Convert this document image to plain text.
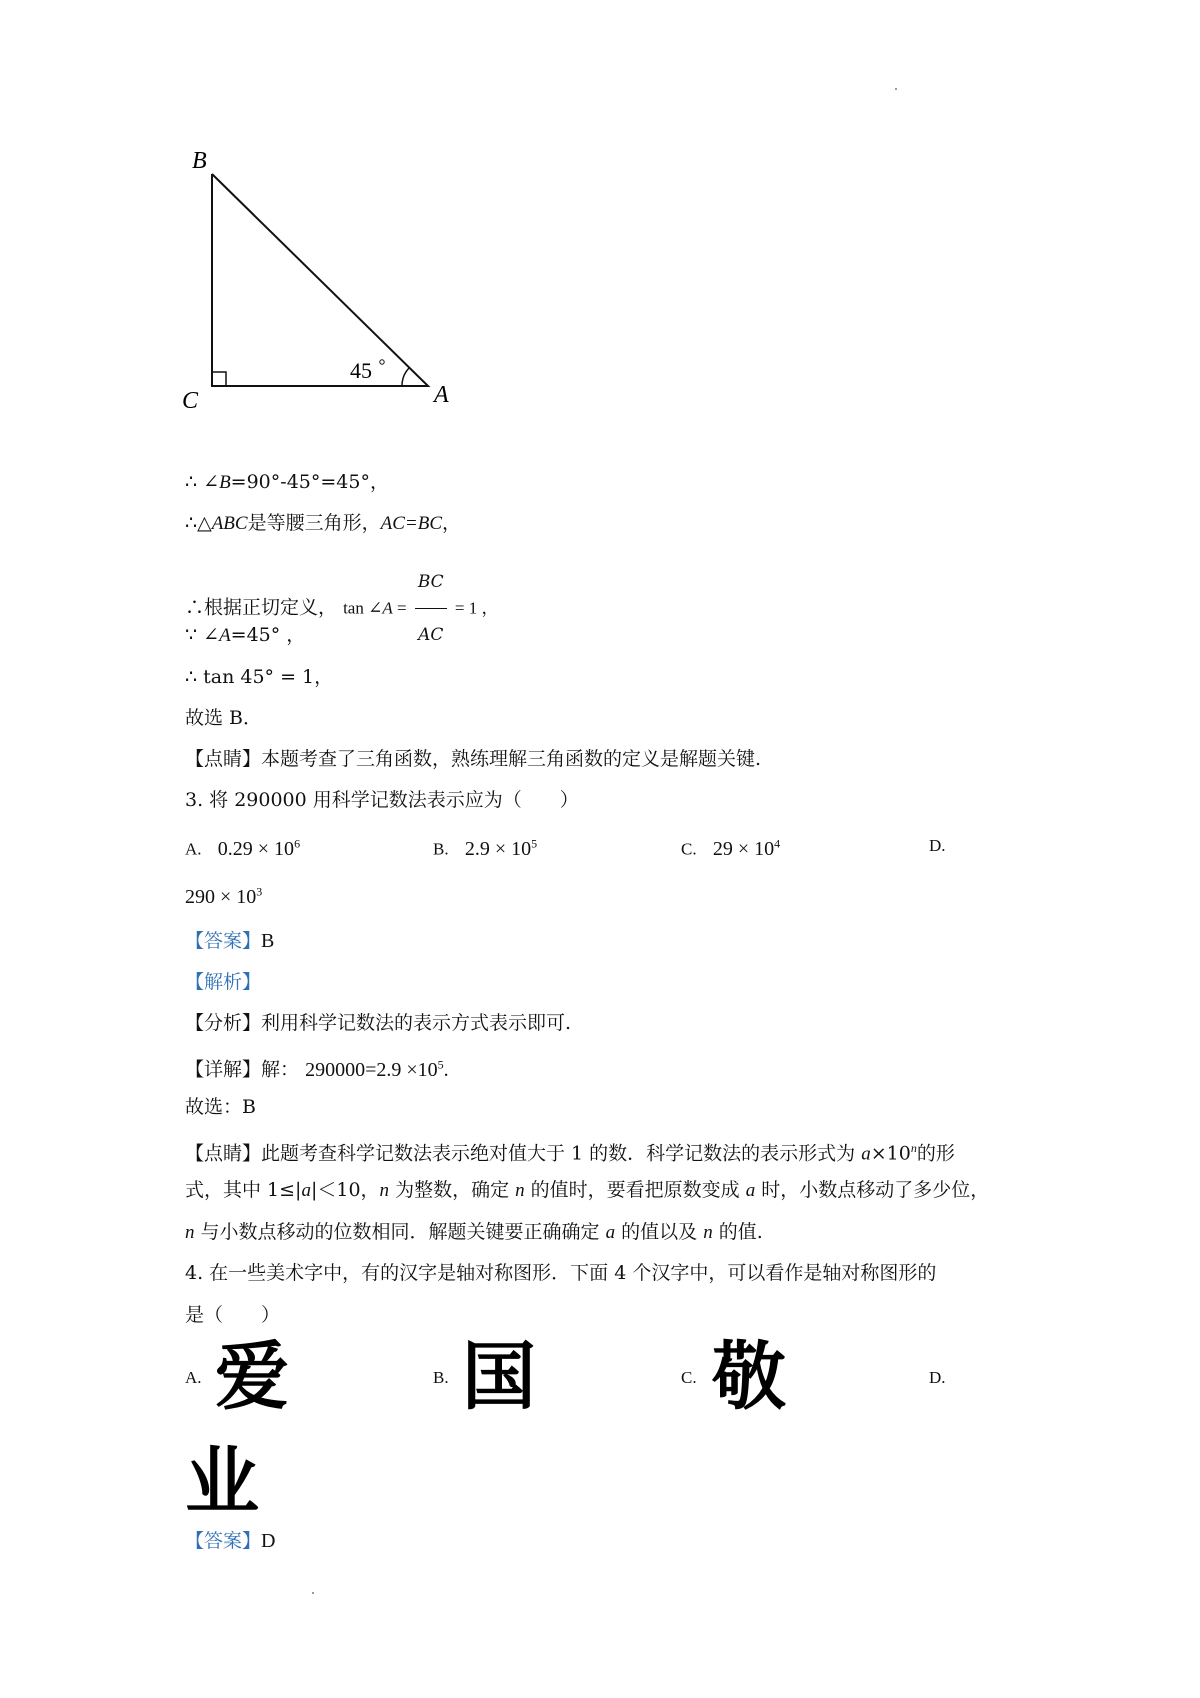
B
C	A
45
∴ ∠B=90°-45°=45°，
∴△ABC是等腰三角形，AC=BC，
∴根据正切定义， tan ∠A = $\frac{BC}{AC} = 1$ ，
∵ ∠A=45° ，
∴ tan 45° = 1，
故选 B．
【点睛】本题考查了三角函数，熟练理解三角函数的定义是解题关键.
3. 将 290000 用科学记数法表示应为（　　）
A. $0.29 \times 10^6$	B. $2.9 \times 10^5$	C. $29 \times 10^4$	D.
$290 \times 10^3$
【答案】B
【解析】
【分析】利用科学记数法的表示方式表示即可.
【详解】解： $290000=2.9 \times 10^5$.
故选：B
【点睛】此题考查科学记数法表示绝对值大于 1 的数．科学记数法的表示形式为 $a\times 10^n$的形
式，其中 1≤|a|＜10，n 为整数，确定 n 的值时，要看把原数变成 a 时，小数点移动了多少位，
n 与小数点移动的位数相同．解题关键要正确确定 a 的值以及 n 的值.
4. 在一些美术字中，有的汉字是轴对称图形．下面 4 个汉字中，可以看作是轴对称图形的
是（　　）
A. 爱	B. 国	C. 敬	D.
业
【答案】D
